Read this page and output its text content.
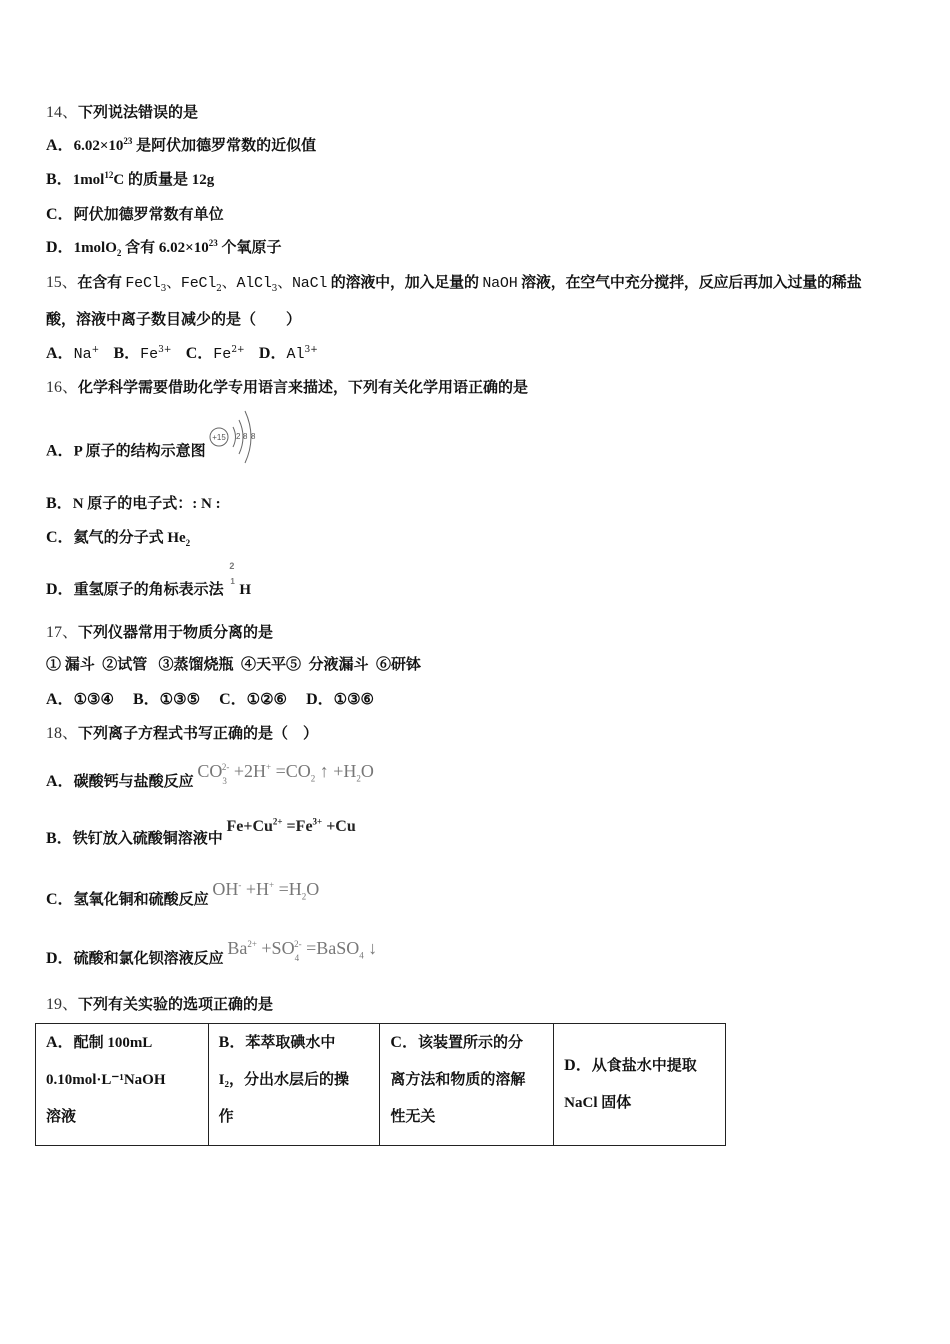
14、下列说法错误的是
A．$6.02\times 10^{23}$ 是阿伏加德罗常数的近似值
B．1mol$^{12}$C 的质量是 12g
C．阿伏加德罗常数有单位
D．1molO$_2$ 含有 $6.02\times 10^{23}$ 个氧原子
15、在含有 FeCl$_3$、FeCl$_2$、AlCl$_3$、NaCl 的溶液中，加入足量的 NaOH 溶液，在空气中充分搅拌，反应后再加入过量的稀盐
酸，溶液中离子数目减少的是（　　）
A．Na+ B．$Fe^{3+}$ C．$Fe^{2+}$ D．$Al^{3+}$
16、化学科学需要借助化学专用语言来描述，下列有关化学用语正确的是
A．P 原子的结构示意图
+15 2 8 8
B．N 原子的电子式：: N :
C．氦气的分子式 $He_2$
D．重氢原子的角标表示法
2
1
H
17、下列仪器常用于物质分离的是
① 漏斗  ②试管   ③蒸馏烧瓶  ④天平⑤  分液漏斗  ⑥研钵
A．①③④ B．①③⑤ C．①②⑥ D．①③⑥
18、下列离子方程式书写正确的是（　）
A．碳酸钙与盐酸反应 $CO_3^{2-} +2H^+ =CO_2$ ↑ $+H_2O$
B．铁钉放入硫酸铜溶液中 $Fe+Cu^{2+} =Fe^{3+} +Cu$
C．氢氧化铜和硫酸反应 $OH^- +H^+ =H_2O$
D．硫酸和氯化钡溶液反应 $Ba^{2+} +SO_4^{2-}$ =BaSO$_4$ ↓
19、下列有关实验的选项正确的是
A．配制 100mL
0.10mol·L⁻¹NaOH
溶液

B．苯萃取碘水中
I₂，分出水层后的操
作

C．该装置所示的分
离方法和物质的溶解
性无关

D．从食盐水中提取
NaCl 固体
